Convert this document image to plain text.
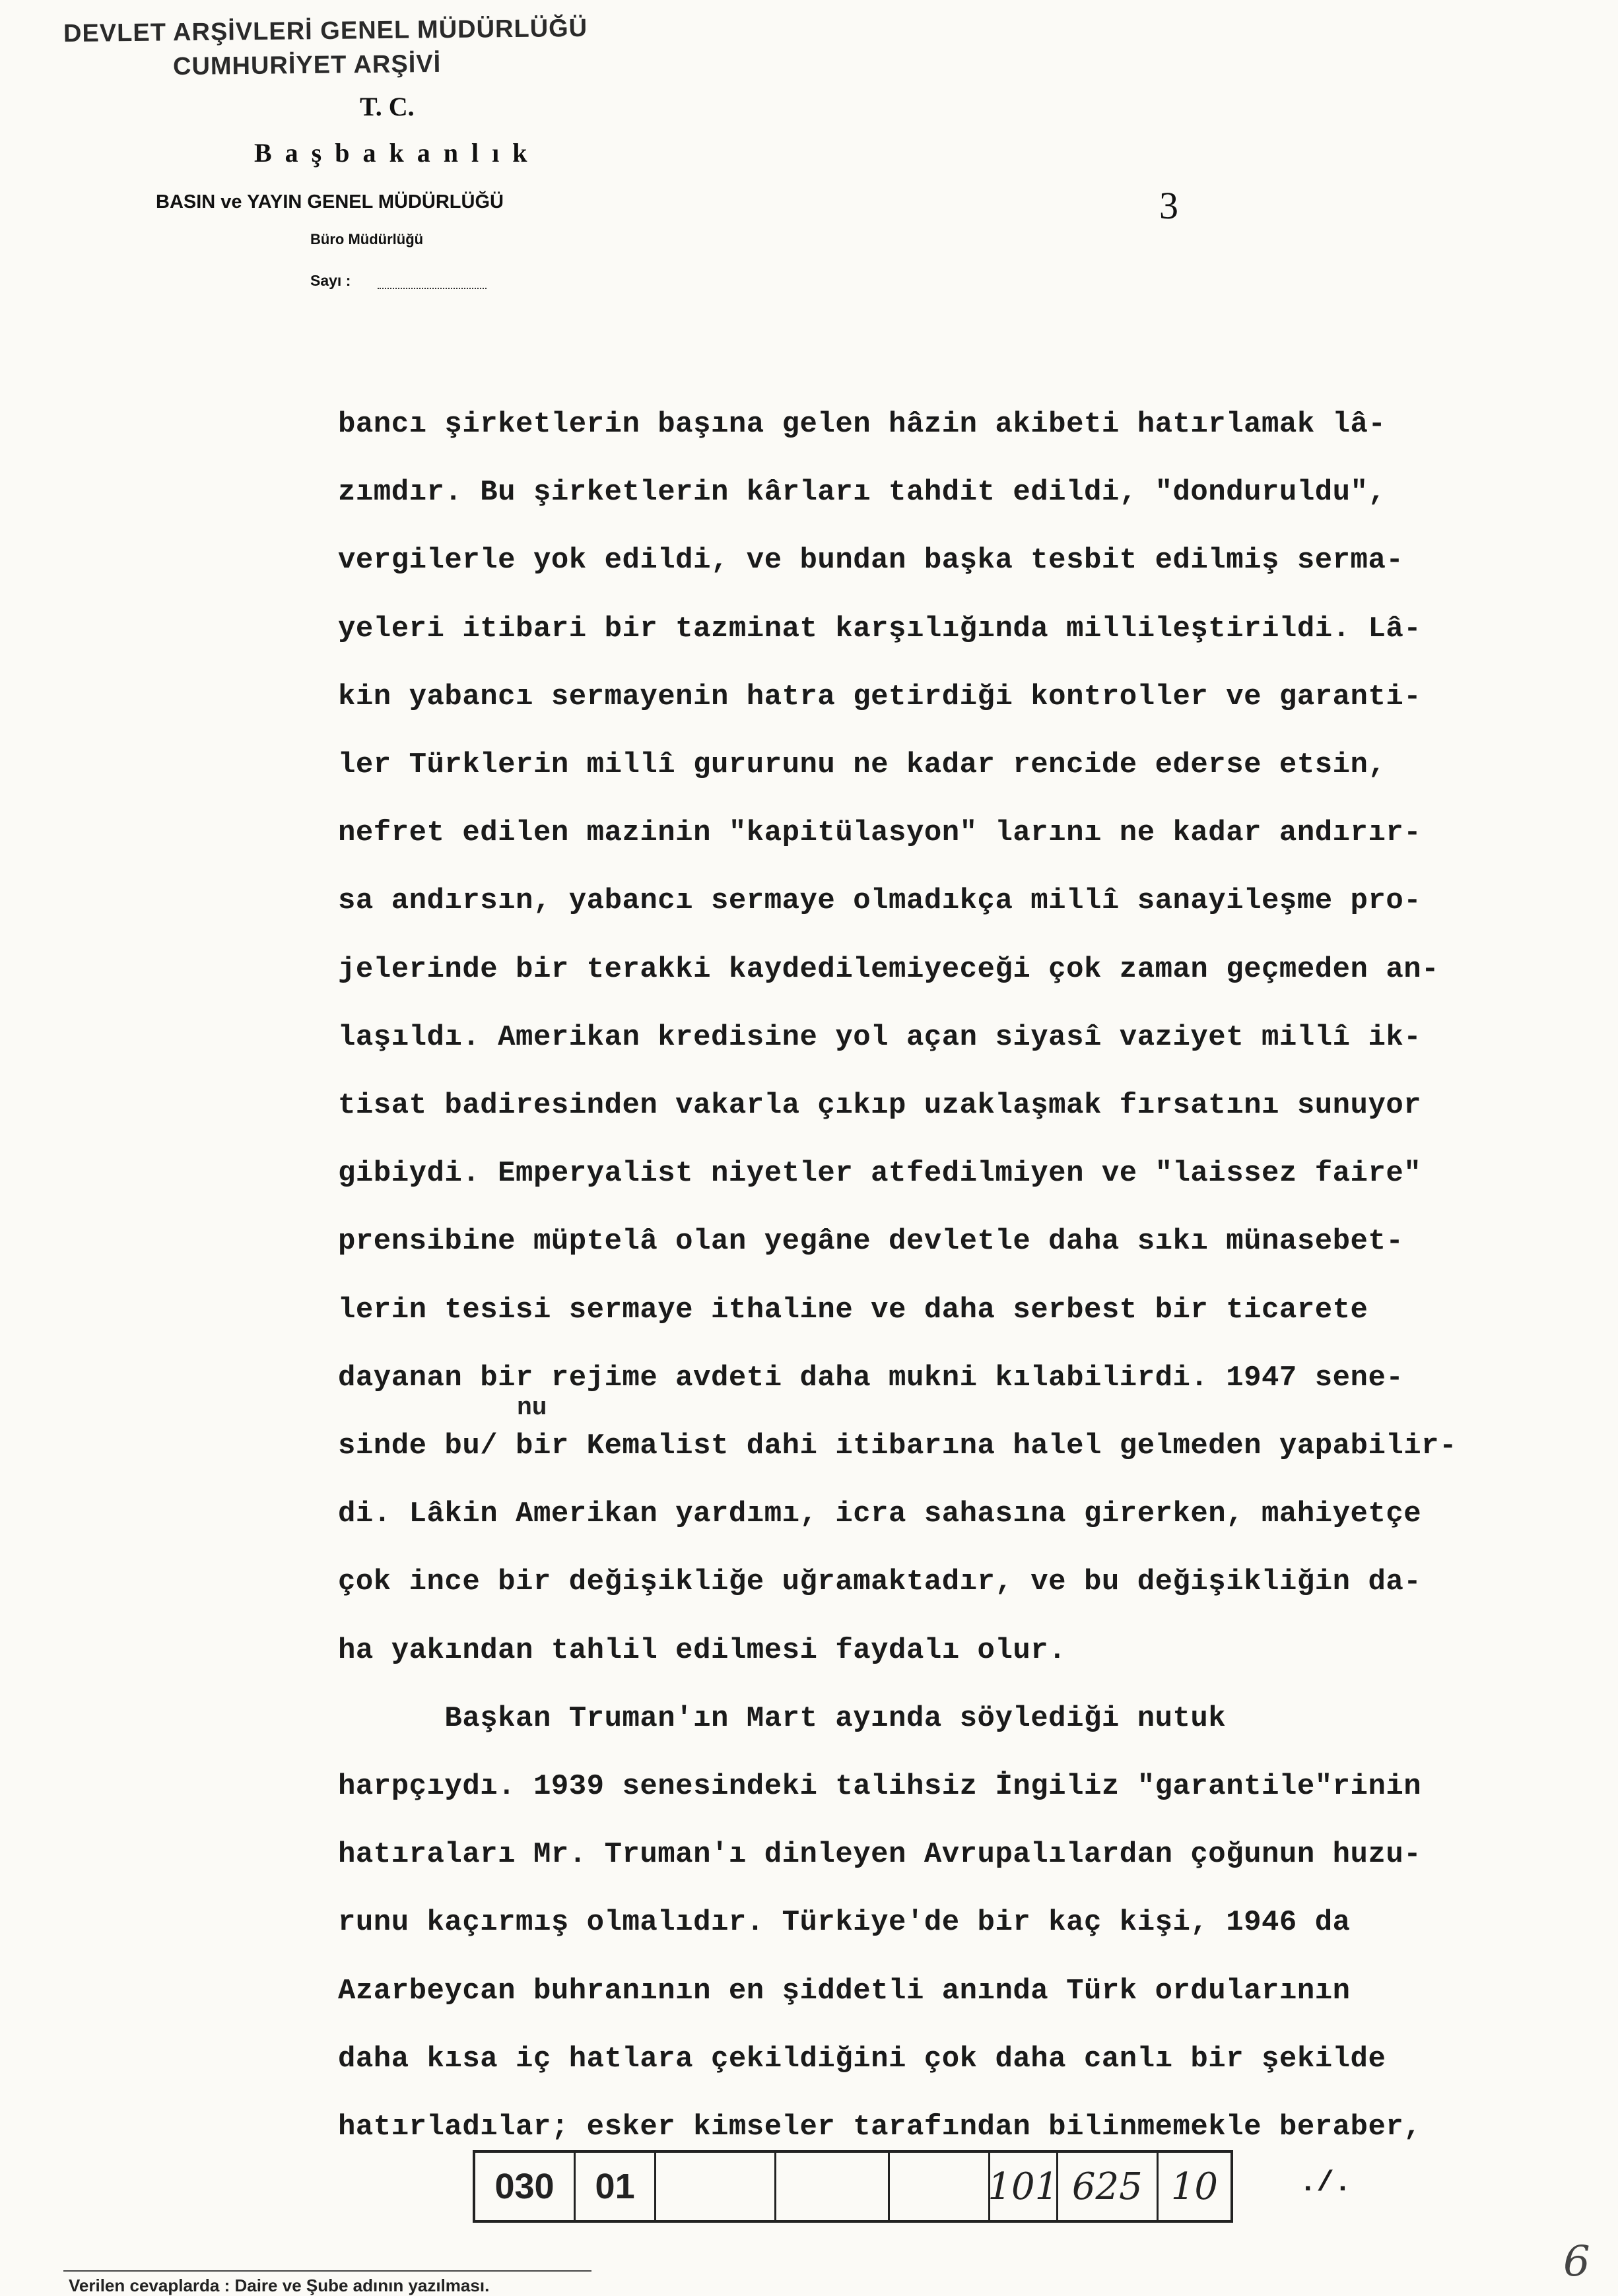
DEVLET ARŞİVLERİ GENEL MÜDÜRLÜĞÜ
CUMHURİYET ARŞİVİ
T. C.
Başbakanlık
BASIN ve YAYIN GENEL MÜDÜRLÜĞÜ
Büro Müdürlüğü
Sayı :
3
bancı şirketlerin başına gelen hâzin akibeti hatırlamak lâ-
zımdır. Bu şirketlerin kârları tahdit edildi, "donduruldu",
vergilerle yok edildi, ve bundan başka tesbit edilmiş serma-
yeleri itibari bir tazminat karşılığında millileştirildi. Lâ-
kin yabancı sermayenin hatra getirdiği kontroller ve garanti-
ler Türklerin millî gururunu ne kadar rencide ederse etsin,
nefret edilen mazinin "kapitülasyon" larını ne kadar andırır-
sa andırsın, yabancı sermaye olmadıkça millî sanayileşme pro-
jelerinde bir terakki kaydedilemiyeceği çok zaman geçmeden an-
laşıldı. Amerikan kredisine yol açan siyasî vaziyet millî ik-
tisat badiresinden vakarla çıkıp uzaklaşmak fırsatını sunuyor
gibiydi. Emperyalist niyetler atfedilmiyen ve "laissez faire"
prensibine müptelâ olan yegâne devletle daha sıkı münasebet-
lerin tesisi sermaye ithaline ve daha serbest bir ticarete
dayanan bir rejime avdeti daha mukni kılabilirdi. 1947 sene-
sinde bu/ bir Kemalist dahi itibarına halel gelmeden yapabilir-
di. Lâkin Amerikan yardımı, icra sahasına girerken, mahiyetçe
çok ince bir değişikliğe uğramaktadır, ve bu değişikliğin da-
ha yakından tahlil edilmesi faydalı olur.
Başkan Truman'ın Mart ayında söylediği nutuk
harpçıydı. 1939 senesindeki talihsiz İngiliz "garantile"rinin
hatıraları Mr. Truman'ı dinleyen Avrupalılardan çoğunun huzu-
runu kaçırmış olmalıdır. Türkiye'de bir kaç kişi, 1946 da
Azarbeycan buhranının en şiddetli anında Türk ordularının
daha kısa iç hatlara çekildiğini çok daha canlı bir şekilde
hatırladılar; esker kimseler tarafından bilinmemekle beraber,
nu
030	01	101 625 10	./.
Verilen cevaplarda : Daire ve Şube adının yazılması.	6
